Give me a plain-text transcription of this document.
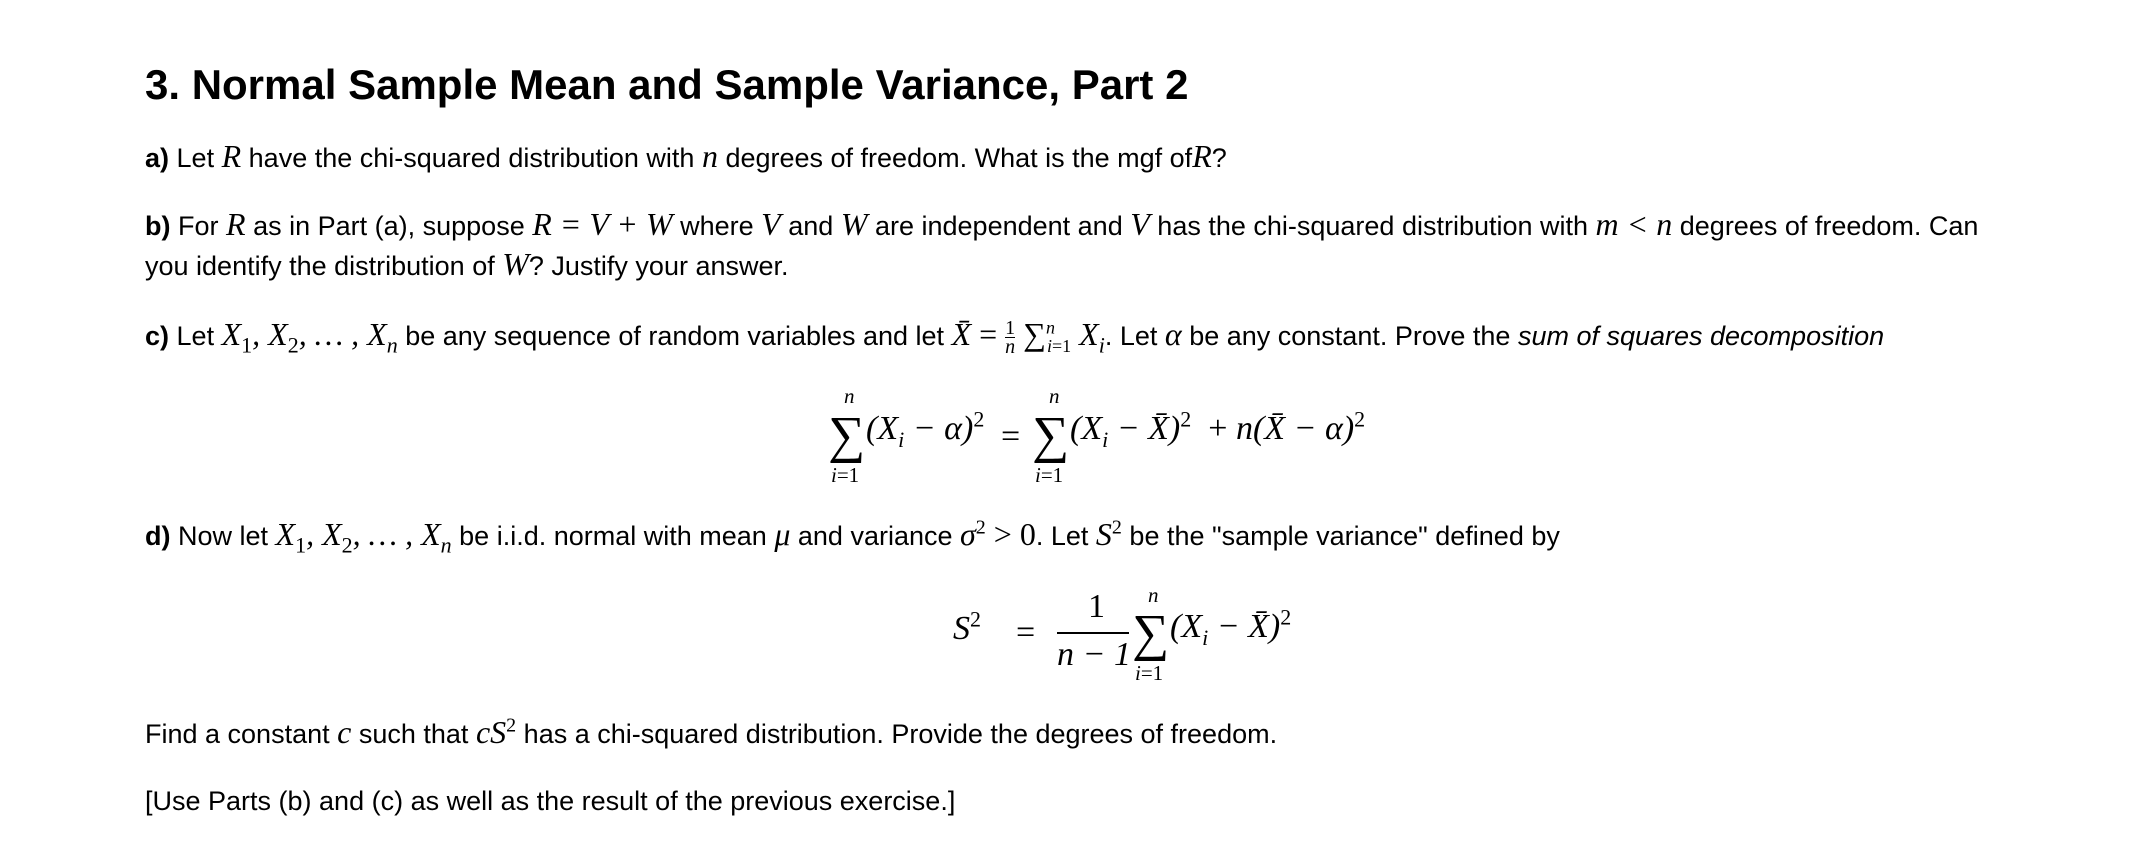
3. Normal Sample Mean and Sample Variance, Part 2

a) Let R have the chi-squared distribution with n degrees of freedom. What is the mgf ofR?

b) For R as in Part (a), suppose R = V + W where V and W are independent and V has the chi-squared distribution with m < n degrees of freedom. Can

you identify the distribution of W? Justify your answer.

c) Let $X_1$, $X_2$, … , $X_n$ be any sequence of random variables and let X̄ = $\frac{1}{n} \sum^n_{i=1}$ $X_i$. Let α be any constant. Prove the sum of squares decomposition

n
∑
i=1
$(X_i - \alpha)^2$ =
n
∑
i=1
($X_i$ − X̄)$^2$  + n(X̄ − α)$^2$

d) Now let $X_1$, $X_2$, … , $X_n$ be i.i.d. normal with mean μ and variance $\sigma^2 > 0$. Let $S^2$ be the "sample variance" defined by

$S^2$ =
1
n − 1
n
∑
i=1
($X_i$ − X̄)$^2$

Find a constant c such that $cS^2$ has a chi-squared distribution. Provide the degrees of freedom.

[Use Parts (b) and (c) as well as the result of the previous exercise.]
